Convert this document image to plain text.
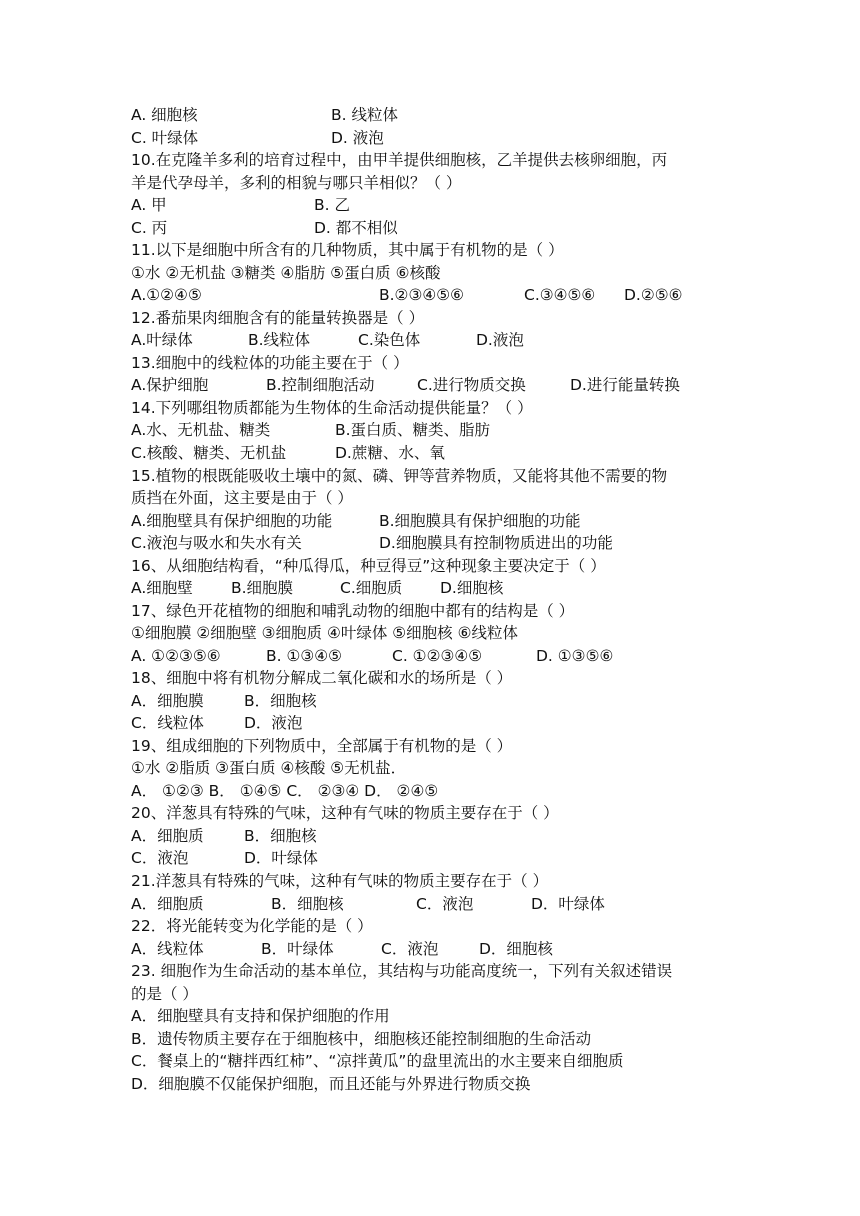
A. 细胞核	B. 线粒体
C. 叶绿体	D. 液泡
10.在克隆羊多利的培育过程中，由甲羊提供细胞核，乙羊提供去核卵细胞，丙
羊是代孕母羊，多利的相貌与哪只羊相似？（ ）
A. 甲	B. 乙
C. 丙	D. 都不相似
11.以下是细胞中所含有的几种物质，其中属于有机物的是（ ）
①水 ②无机盐 ③糖类 ④脂肪 ⑤蛋白质 ⑥核酸
A.①②④⑤	B.②③④⑤⑥	C.③④⑤⑥ D.②⑤⑥
12.番茄果肉细胞含有的能量转换器是（ ）
A.叶绿体	B.线粒体	C.染色体	D.液泡
13.细胞中的线粒体的功能主要在于（ ）
A.保护细胞	B.控制细胞活动	C.进行物质交换	D.进行能量转换
14.下列哪组物质都能为生物体的生命活动提供能量？（ ）
A.水、无机盐、糖类	B.蛋白质、糖类、脂肪
C.核酸、糖类、无机盐	D.蔗糖、水、氧
15.植物的根既能吸收土壤中的氮、磷、钾等营养物质，又能将其他不需要的物
质挡在外面，这主要是由于（ ）
A.细胞壁具有保护细胞的功能	B.细胞膜具有保护细胞的功能
C.液泡与吸水和失水有关	D.细胞膜具有控制物质进出的功能
16、从细胞结构看，“种瓜得瓜，种豆得豆”这种现象主要决定于（ ）
A.细胞壁 B.细胞膜	C.细胞质 D.细胞核
17、绿色开花植物的细胞和哺乳动物的细胞中都有的结构是（ ）
①细胞膜 ②细胞壁 ③细胞质 ④叶绿体 ⑤细胞核 ⑥线粒体
A. ①②③⑤⑥	B. ①③④⑤	C. ①②③④⑤	D. ①③⑤⑥
18、细胞中将有机物分解成二氧化碳和水的场所是（ ）
A．细胞膜	B．细胞核
C．线粒体	D．液泡
19、组成细胞的下列物质中，全部属于有机物的是（ ）
①水 ②脂质 ③蛋白质 ④核酸 ⑤无机盐．
A． ①②③ B． ①④⑤ C． ②③④ D． ②④⑤
20、洋葱具有特殊的气味，这种有气味的物质主要存在于（ ）
A．细胞质	B．细胞核
C．液泡	D．叶绿体
21.洋葱具有特殊的气味，这种有气味的物质主要存在于（ ）
A．细胞质	B．细胞核	C．液泡	D．叶绿体
22．将光能转变为化学能的是（ ）
A．线粒体	B．叶绿体	C．液泡	D．细胞核
23. 细胞作为生命活动的基本单位，其结构与功能高度统一，下列有关叙述错误
的是（ ）
A．细胞壁具有支持和保护细胞的作用
B．遗传物质主要存在于细胞核中，细胞核还能控制细胞的生命活动
C．餐桌上的“糖拌西红柿”、“凉拌黄瓜”的盘里流出的水主要来自细胞质
D．细胞膜不仅能保护细胞，而且还能与外界进行物质交换
